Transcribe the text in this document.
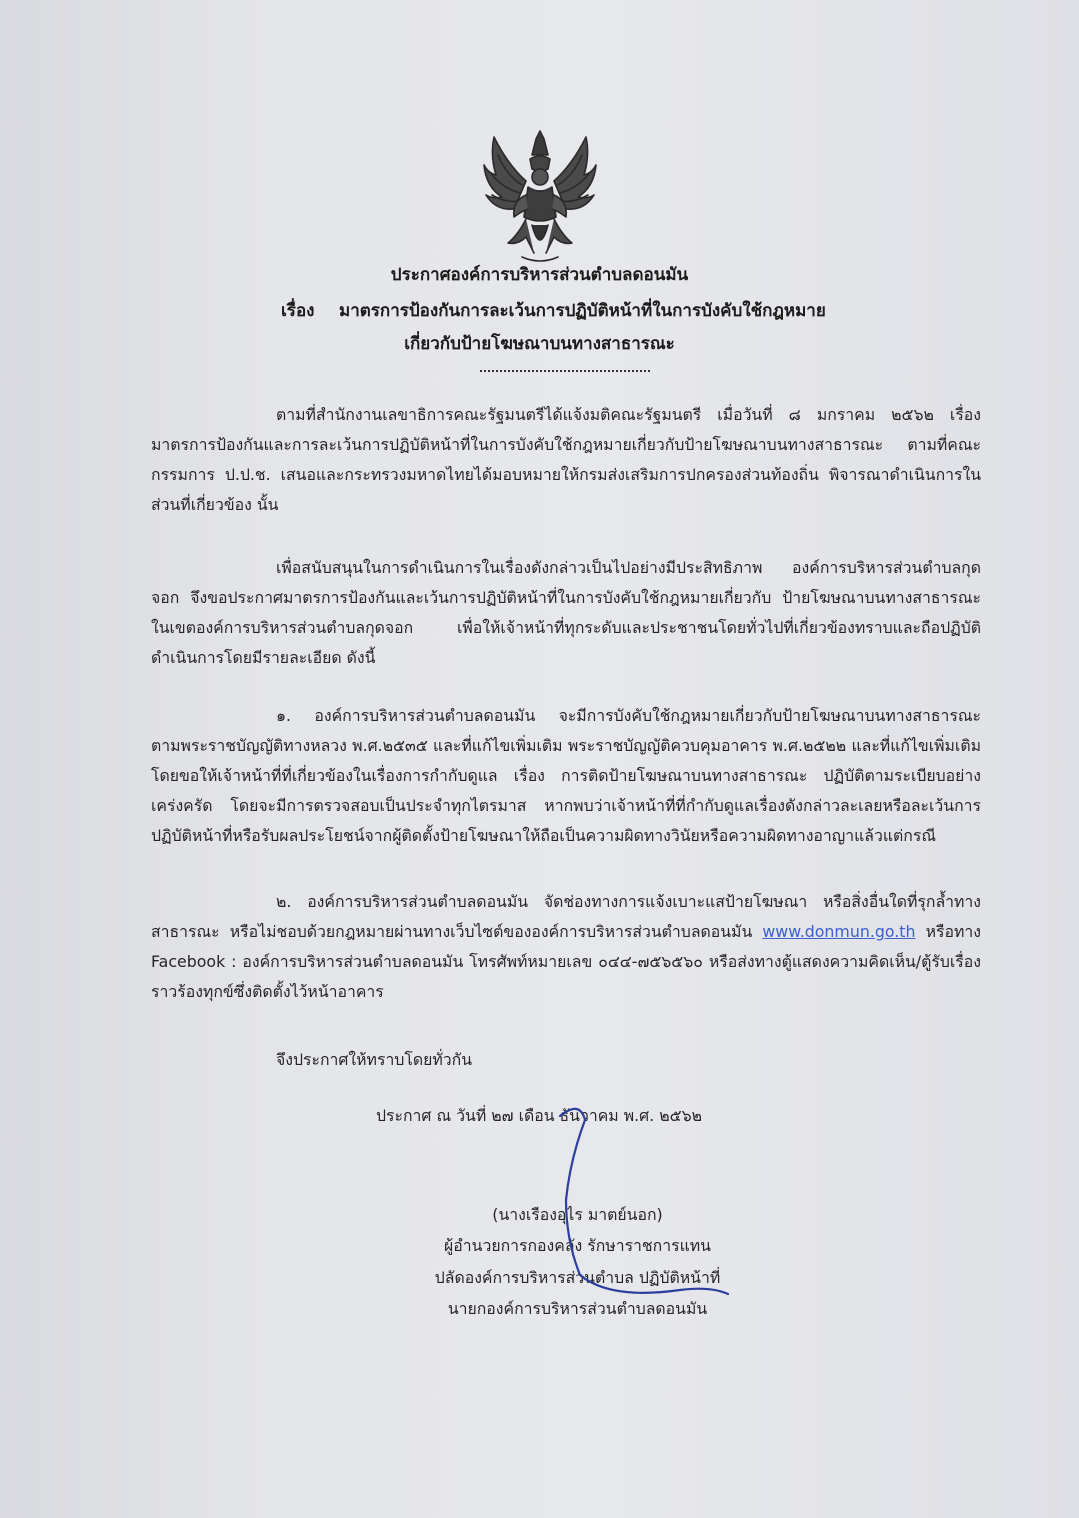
ประกาศองค์การบริหารส่วนตำบลดอนมัน
เรื่อง มาตรการป้องกันการละเว้นการปฏิบัติหน้าที่ในการบังคับใช้กฎหมาย
เกี่ยวกับป้ายโฆษณาบนทางสาธารณะ

ตามที่สำนักงานเลขาธิการคณะรัฐมนตรีได้แจ้งมติคณะรัฐมนตรี เมื่อวันที่ ๘ มกราคม ๒๕๖๒ เรื่อง มาตรการป้องกันและการละเว้นการปฏิบัติหน้าที่ในการบังคับใช้กฎหมายเกี่ยวกับป้ายโฆษณาบนทางสาธารณะ ตามที่คณะกรรมการ ป.ป.ช. เสนอและกระทรวงมหาดไทยได้มอบหมายให้กรมส่งเสริมการปกครองส่วนท้องถิ่น พิจารณาดำเนินการในส่วนที่เกี่ยวข้อง นั้น

เพื่อสนับสนุนในการดำเนินการในเรื่องดังกล่าวเป็นไปอย่างมีประสิทธิภาพ องค์การบริหารส่วนตำบลกุดจอก จึงขอประกาศมาตรการป้องกันและเว้นการปฏิบัติหน้าที่ในการบังคับใช้กฎหมายเกี่ยวกับ ป้ายโฆษณาบนทางสาธารณะในเขตองค์การบริหารส่วนตำบลกุดจอก เพื่อให้เจ้าหน้าที่ทุกระดับและประชาชนโดยทั่วไปที่เกี่ยวข้องทราบและถือปฏิบัติดำเนินการโดยมีรายละเอียด ดังนี้

๑. องค์การบริหารส่วนตำบลดอนมัน จะมีการบังคับใช้กฎหมายเกี่ยวกับป้ายโฆษณาบนทางสาธารณะตามพระราชบัญญัติทางหลวง พ.ศ.๒๕๓๕ และที่แก้ไขเพิ่มเติม พระราชบัญญัติควบคุมอาคาร พ.ศ.๒๕๒๒ และที่แก้ไขเพิ่มเติม โดยขอให้เจ้าหน้าที่ที่เกี่ยวข้องในเรื่องการกำกับดูแล เรื่อง การติดป้ายโฆษณาบนทางสาธารณะ ปฏิบัติตามระเบียบอย่างเคร่งครัด โดยจะมีการตรวจสอบเป็นประจำทุกไตรมาส หากพบว่าเจ้าหน้าที่ที่กำกับดูแลเรื่องดังกล่าวละเลยหรือละเว้นการปฏิบัติหน้าที่หรือรับผลประโยชน์จากผู้ติดตั้งป้ายโฆษณาให้ถือเป็นความผิดทางวินัยหรือความผิดทางอาญาแล้วแต่กรณี

๒. องค์การบริหารส่วนตำบลดอนมัน จัดช่องทางการแจ้งเบาะแสป้ายโฆษณา หรือสิ่งอื่นใดที่รุกล้ำทางสาธารณะ หรือไม่ชอบด้วยกฎหมายผ่านทางเว็บไซต์ขององค์การบริหารส่วนตำบลดอนมัน www.donmun.go.th หรือทาง Facebook : องค์การบริหารส่วนตำบลดอนมัน โทรศัพท์หมายเลข ๐๔๔-๗๕๖๕๖๐ หรือส่งทางตู้แสดงความคิดเห็น/ตู้รับเรื่องราวร้องทุกข์ซึ่งติดตั้งไว้หน้าอาคาร

จึงประกาศให้ทราบโดยทั่วกัน
ประกาศ ณ วันที่ ๒๗ เดือน ธันวาคม พ.ศ. ๒๕๖๒
(นางเรืองอุไร มาตย์นอก)
ผู้อำนวยการกองคลัง รักษาราชการแทน
ปลัดองค์การบริหารส่วนตำบล ปฏิบัติหน้าที่
นายกองค์การบริหารส่วนตำบลดอนมัน
